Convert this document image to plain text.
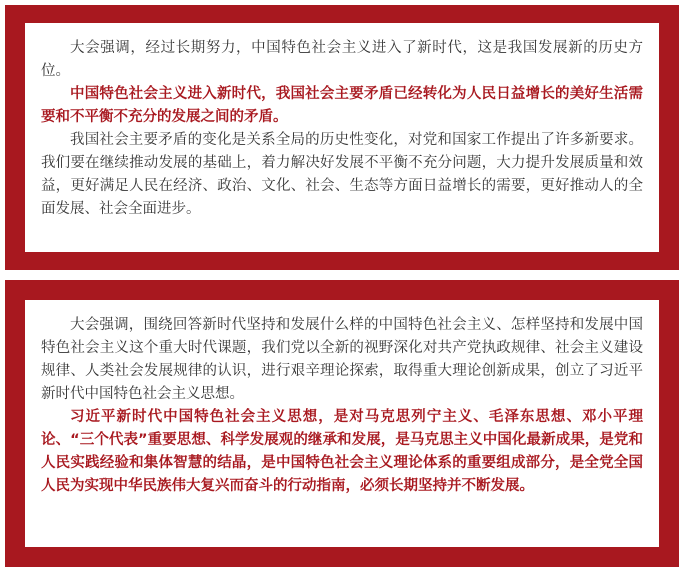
大会强调，经过长期努力，中国特色社会主义进入了新时代，这是我国发展新的历史方位。

中国特色社会主义进入新时代，我国社会主要矛盾已经转化为人民日益增长的美好生活需要和不平衡不充分的发展之间的矛盾。

我国社会主要矛盾的变化是关系全局的历史性变化，对党和国家工作提出了许多新要求。我们要在继续推动发展的基础上，着力解决好发展不平衡不充分问题，大力提升发展质量和效益，更好满足人民在经济、政治、文化、社会、生态等方面日益增长的需要，更好推动人的全面发展、社会全面进步。

大会强调，围绕回答新时代坚持和发展什么样的中国特色社会主义、怎样坚持和发展中国特色社会主义这个重大时代课题，我们党以全新的视野深化对共产党执政规律、社会主义建设规律、人类社会发展规律的认识，进行艰辛理论探索，取得重大理论创新成果，创立了习近平新时代中国特色社会主义思想。

习近平新时代中国特色社会主义思想，是对马克思列宁主义、毛泽东思想、邓小平理论、“三个代表”重要思想、科学发展观的继承和发展，是马克思主义中国化最新成果，是党和人民实践经验和集体智慧的结晶，是中国特色社会主义理论体系的重要组成部分，是全党全国人民为实现中华民族伟大复兴而奋斗的行动指南，必须长期坚持并不断发展。
